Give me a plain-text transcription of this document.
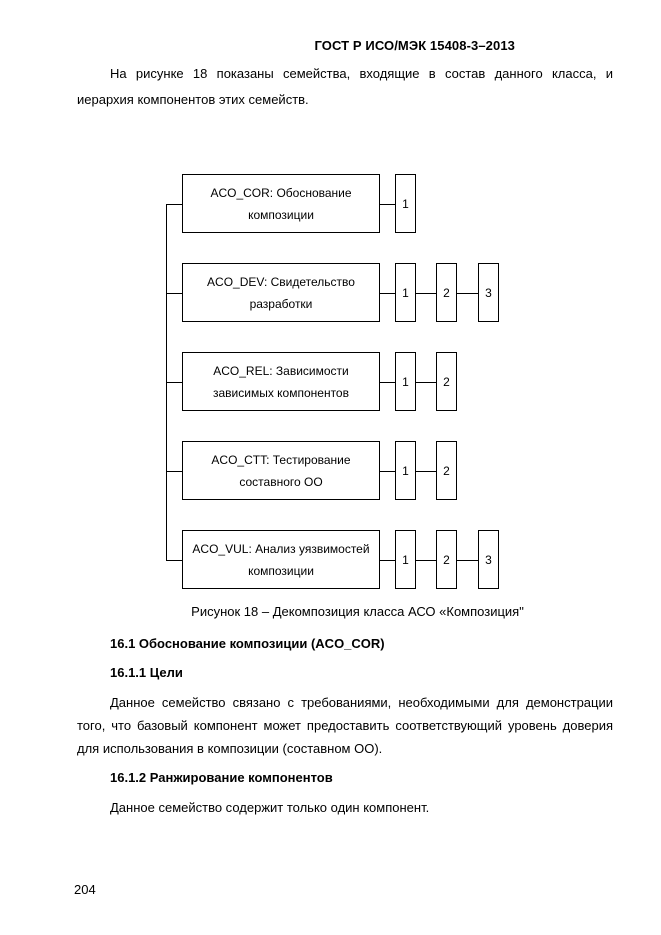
ГОСТ Р ИСО/МЭК 15408-3–2013
На рисунке 18 показаны семейства, входящие в состав данного класса, и
иерархия компонентов этих семейств.
ACO_COR: Обоснование
композиции
1
ACO_DEV: Свидетельство
разработки
1	2	3
ACO_REL: Зависимости
зависимых компонентов
1	2
ACO_CTT: Тестирование
составного ОО
1	2
ACO_VUL: Анализ уязвимостей
композиции
1	2	3
Рисунок 18 – Декомпозиция класса АСО «Композиция"
16.1 Обоснование композиции (ACO_COR)
16.1.1 Цели
Данное семейство связано с требованиями, необходимыми для демонстрации
того, что базовый компонент может предоставить соответствующий уровень доверия
для использования в композиции (составном ОО).
16.1.2 Ранжирование компонентов
Данное семейство содержит только один компонент.
204
